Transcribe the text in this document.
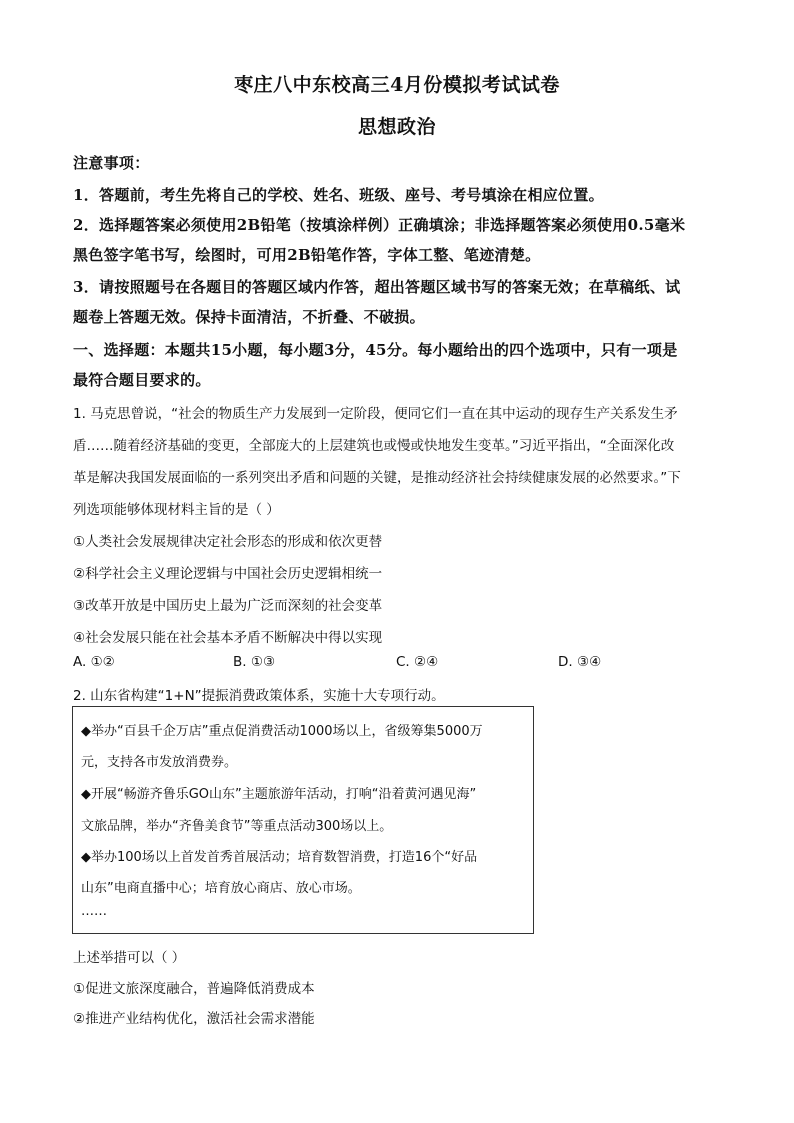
枣庄八中东校高三4月份模拟考试试卷
思想政治
注意事项：
1．答题前，考生先将自己的学校、姓名、班级、座号、考号填涂在相应位置。
2．选择题答案必须使用2B铅笔（按填涂样例）正确填涂；非选择题答案必须使用0.5毫米
黑色签字笔书写，绘图时，可用2B铅笔作答，字体工整、笔迹清楚。
3．请按照题号在各题目的答题区域内作答，超出答题区域书写的答案无效；在草稿纸、试
题卷上答题无效。保持卡面清洁，不折叠、不破损。
一、选择题：本题共15小题，每小题3分，45分。每小题给出的四个选项中，只有一项是
最符合题目要求的。
1. 马克思曾说，“社会的物质生产力发展到一定阶段，便同它们一直在其中运动的现存生产关系发生矛
盾……随着经济基础的变更，全部庞大的上层建筑也或慢或快地发生变革。”习近平指出，“全面深化改
革是解决我国发展面临的一系列突出矛盾和问题的关键，是推动经济社会持续健康发展的必然要求。”下
列选项能够体现材料主旨的是（ ）
①人类社会发展规律决定社会形态的形成和依次更替
②科学社会主义理论逻辑与中国社会历史逻辑相统一
③改革开放是中国历史上最为广泛而深刻的社会变革
④社会发展只能在社会基本矛盾不断解决中得以实现
A. ①②	B. ①③	C. ②④	D. ③④
2. 山东省构建“1+N”提振消费政策体系，实施十大专项行动。
◆举办“百县千企万店”重点促消费活动1000场以上，省级筹集5000万
元，支持各市发放消费券。
◆开展“畅游齐鲁乐GO山东”主题旅游年活动，打响“沿着黄河遇见海”
文旅品牌，举办“齐鲁美食节”等重点活动300场以上。
◆举办100场以上首发首秀首展活动；培育数智消费，打造16个“好品
山东”电商直播中心；培育放心商店、放心市场。
……
上述举措可以（ ）
①促进文旅深度融合，普遍降低消费成本
②推进产业结构优化，激活社会需求潜能
